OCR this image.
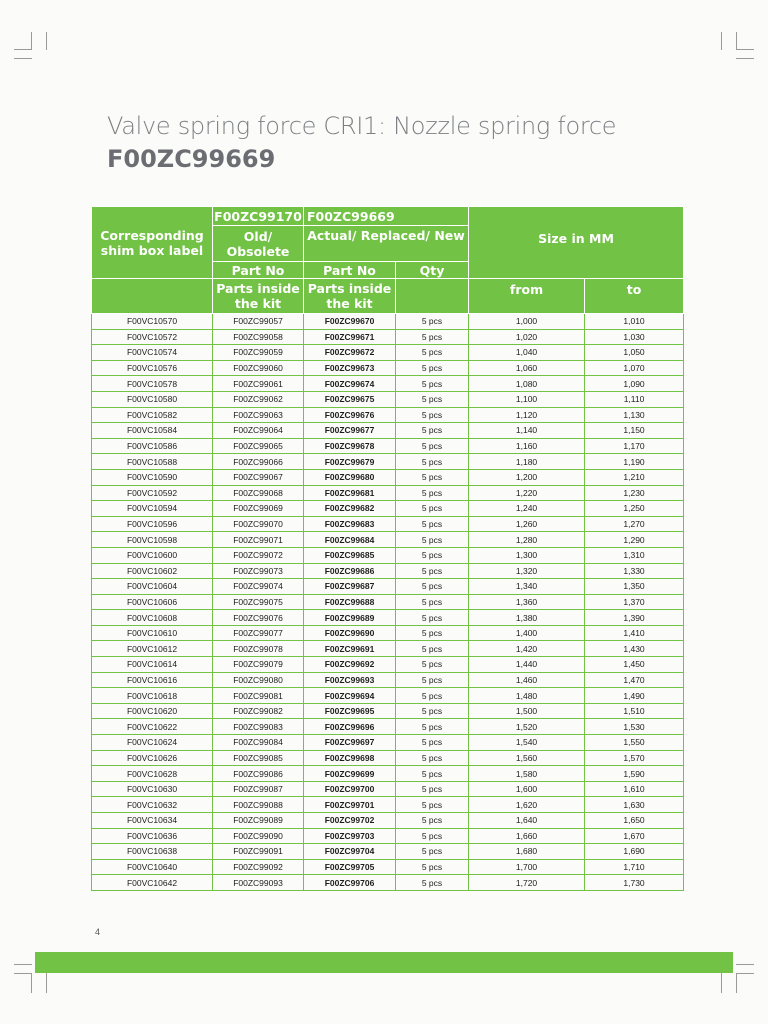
Valve spring force CRI1: Nozzle spring force
F00ZC99669
Corresponding shim box label	F00ZC99170	F00ZC99669		Size in MM	
	Old/ Obsolete	Actual/ Replaced/ New			
	Part No	Part No	Qty		
	Parts inside the kit	Parts inside the kit		from	to
F00VC10570	F00ZC99057	F00ZC99670	5 pcs	1,000	1,010
F00VC10572	F00ZC99058	F00ZC99671	5 pcs	1,020	1,030
F00VC10574	F00ZC99059	F00ZC99672	5 pcs	1,040	1,050
F00VC10576	F00ZC99060	F00ZC99673	5 pcs	1,060	1,070
F00VC10578	F00ZC99061	F00ZC99674	5 pcs	1,080	1,090
F00VC10580	F00ZC99062	F00ZC99675	5 pcs	1,100	1,110
F00VC10582	F00ZC99063	F00ZC99676	5 pcs	1,120	1,130
F00VC10584	F00ZC99064	F00ZC99677	5 pcs	1,140	1,150
F00VC10586	F00ZC99065	F00ZC99678	5 pcs	1,160	1,170
F00VC10588	F00ZC99066	F00ZC99679	5 pcs	1,180	1,190
F00VC10590	F00ZC99067	F00ZC99680	5 pcs	1,200	1,210
F00VC10592	F00ZC99068	F00ZC99681	5 pcs	1,220	1,230
F00VC10594	F00ZC99069	F00ZC99682	5 pcs	1,240	1,250
F00VC10596	F00ZC99070	F00ZC99683	5 pcs	1,260	1,270
F00VC10598	F00ZC99071	F00ZC99684	5 pcs	1,280	1,290
F00VC10600	F00ZC99072	F00ZC99685	5 pcs	1,300	1,310
F00VC10602	F00ZC99073	F00ZC99686	5 pcs	1,320	1,330
F00VC10604	F00ZC99074	F00ZC99687	5 pcs	1,340	1,350
F00VC10606	F00ZC99075	F00ZC99688	5 pcs	1,360	1,370
F00VC10608	F00ZC99076	F00ZC99689	5 pcs	1,380	1,390
F00VC10610	F00ZC99077	F00ZC99690	5 pcs	1,400	1,410
F00VC10612	F00ZC99078	F00ZC99691	5 pcs	1,420	1,430
F00VC10614	F00ZC99079	F00ZC99692	5 pcs	1,440	1,450
F00VC10616	F00ZC99080	F00ZC99693	5 pcs	1,460	1,470
F00VC10618	F00ZC99081	F00ZC99694	5 pcs	1,480	1,490
F00VC10620	F00ZC99082	F00ZC99695	5 pcs	1,500	1,510
F00VC10622	F00ZC99083	F00ZC99696	5 pcs	1,520	1,530
F00VC10624	F00ZC99084	F00ZC99697	5 pcs	1,540	1,550
F00VC10626	F00ZC99085	F00ZC99698	5 pcs	1,560	1,570
F00VC10628	F00ZC99086	F00ZC99699	5 pcs	1,580	1,590
F00VC10630	F00ZC99087	F00ZC99700	5 pcs	1,600	1,610
F00VC10632	F00ZC99088	F00ZC99701	5 pcs	1,620	1,630
F00VC10634	F00ZC99089	F00ZC99702	5 pcs	1,640	1,650
F00VC10636	F00ZC99090	F00ZC99703	5 pcs	1,660	1,670
F00VC10638	F00ZC99091	F00ZC99704	5 pcs	1,680	1,690
F00VC10640	F00ZC99092	F00ZC99705	5 pcs	1,700	1,710
F00VC10642	F00ZC99093	F00ZC99706	5 pcs	1,720	1,730
4
